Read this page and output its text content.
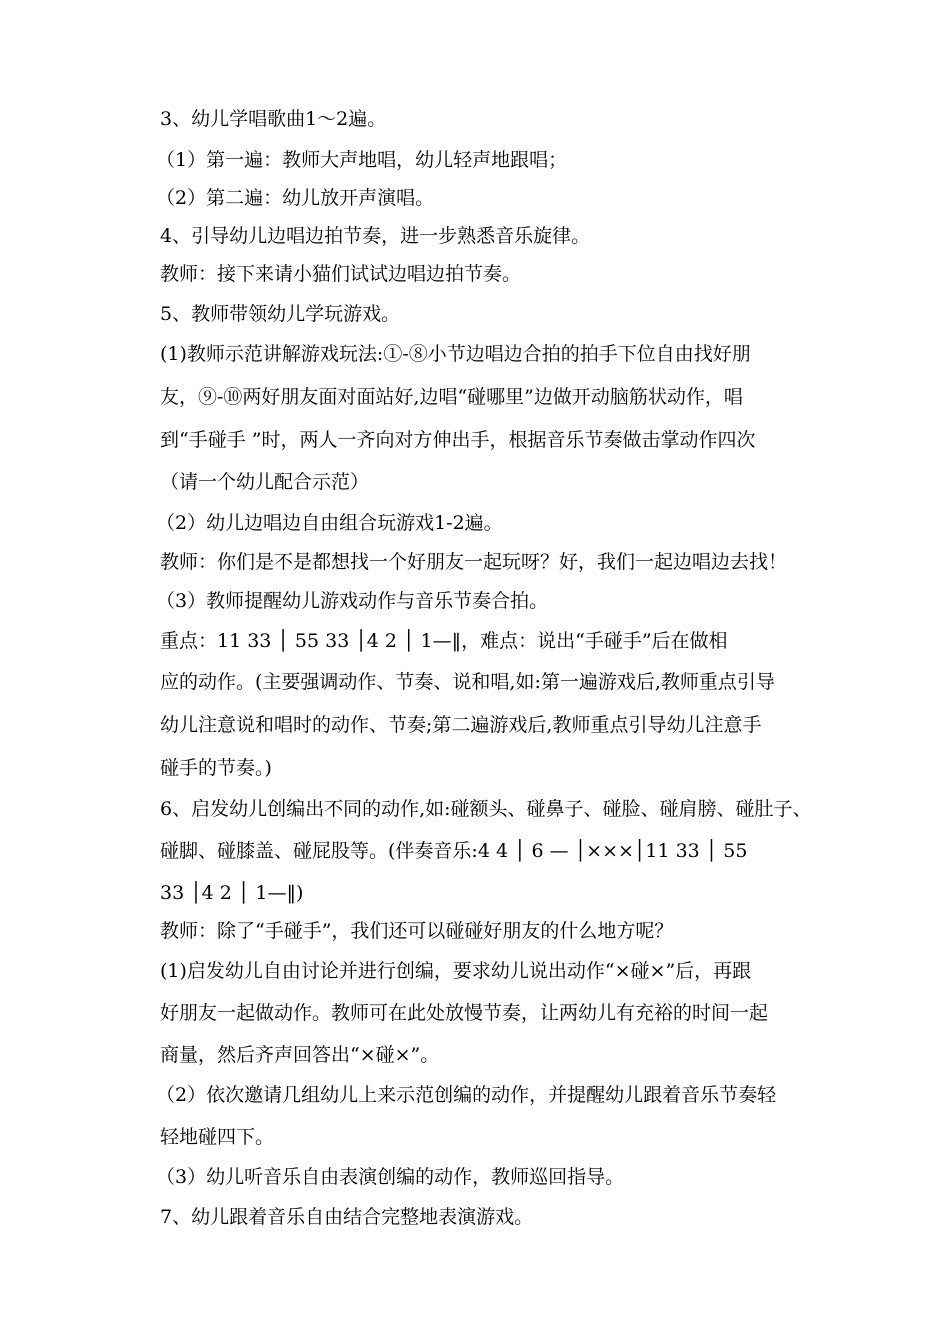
3、幼儿学唱歌曲1～2遍。
（1）第一遍：教师大声地唱，幼儿轻声地跟唱；
（2）第二遍：幼儿放开声演唱。
4、引导幼儿边唱边拍节奏，进一步熟悉音乐旋律。
教师：接下来请小猫们试试边唱边拍节奏。
5、教师带领幼儿学玩游戏。
(1)教师示范讲解游戏玩法:①-⑧小节边唱边合拍的拍手下位自由找好朋
友，⑨-⑩两好朋友面对面站好,边唱“碰哪里”边做开动脑筋状动作，唱
到“手碰手 ”时，两人一齐向对方伸出手，根据音乐节奏做击掌动作四次
（请一个幼儿配合示范）
（2）幼儿边唱边自由组合玩游戏1-2遍。
教师：你们是不是都想找一个好朋友一起玩呀？好，我们一起边唱边去找！
（3）教师提醒幼儿游戏动作与音乐节奏合拍。
重点：11 33 │ 55 33 │4 2 │ 1—‖，难点：说出“手碰手”后在做相
应的动作。(主要强调动作、节奏、说和唱,如:第一遍游戏后,教师重点引导
幼儿注意说和唱时的动作、节奏;第二遍游戏后,教师重点引导幼儿注意手
碰手的节奏。)
6、启发幼儿创编出不同的动作,如:碰额头、碰鼻子、碰脸、碰肩膀、碰肚子、
碰脚、碰膝盖、碰屁股等。(伴奏音乐:4 4 │ 6 — │×××│11 33 │ 55
33 │4 2 │ 1—‖)
教师：除了“手碰手”，我们还可以碰碰好朋友的什么地方呢？
(1)启发幼儿自由讨论并进行创编，要求幼儿说出动作“×碰×”后，再跟
好朋友一起做动作。教师可在此处放慢节奏，让两幼儿有充裕的时间一起
商量，然后齐声回答出“×碰×”。
（2）依次邀请几组幼儿上来示范创编的动作，并提醒幼儿跟着音乐节奏轻
轻地碰四下。
（3）幼儿听音乐自由表演创编的动作，教师巡回指导。
7、幼儿跟着音乐自由结合完整地表演游戏。
